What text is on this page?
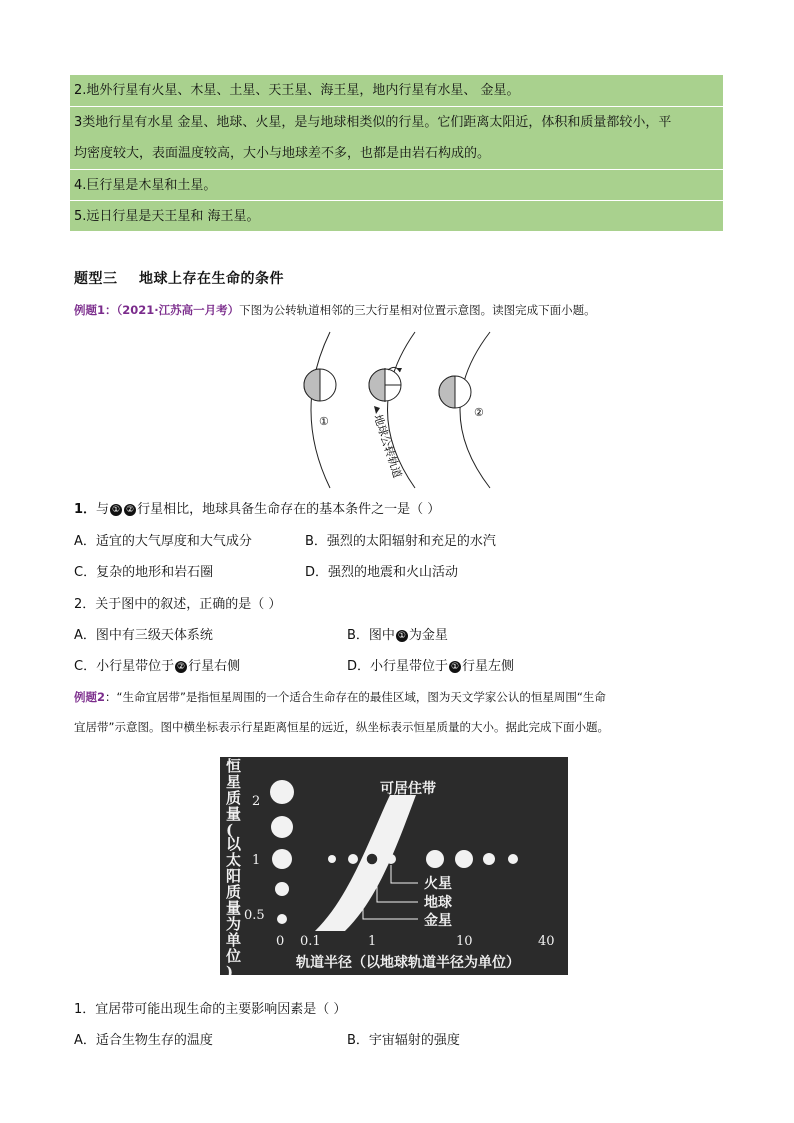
2.地外行星有火星、木星、土星、天王星、海王星，地内行星有水星、 金星。
3类地行星有水星 金星、地球、火星，是与地球相类似的行星。它们距离太阳近，体积和质量都较小，平
均密度较大，表面温度较高，大小与地球差不多，也都是由岩石构成的。
4.巨行星是木星和土星。
5.远日行星是天王星和 海王星。
题型三    地球上存在生命的条件
例题1：（2021·江苏高一月考）下图为公转轨道相邻的三大行星相对位置示意图。读图完成下面小题。
①	地球公转轨道
②
1．与 ① ② 行星相比，地球具备生命存在的基本条件之一是（ ）
A．适宜的大气厚度和大气成分	B．强烈的太阳辐射和充足的水汽
C．复杂的地形和岩石圈	D．强烈的地震和火山活动
2．关于图中的叙述，正确的是（ ）
A．图中有三级天体系统	B．图中 ① 为金星
C．小行星带位于 ② 行星右侧	D．小行星带位于 ① 行星左侧
例题2：“生命宜居带”是指恒星周围的一个适合生命存在的最佳区域，图为天文学家公认的恒星周围“生命
宜居带”示意图。图中横坐标表示行星距离恒星的远近，纵坐标表示恒星质量的大小。据此完成下面小题。
恒星质量(以太阳质量为单位)
2
1
0.5
可居住带
火星
地球
金星
0 0.1	1	10	40
轨道半径（以地球轨道半径为单位）
1．宜居带可能出现生命的主要影响因素是（ ）
A．适合生物生存的温度	B．宇宙辐射的强度
